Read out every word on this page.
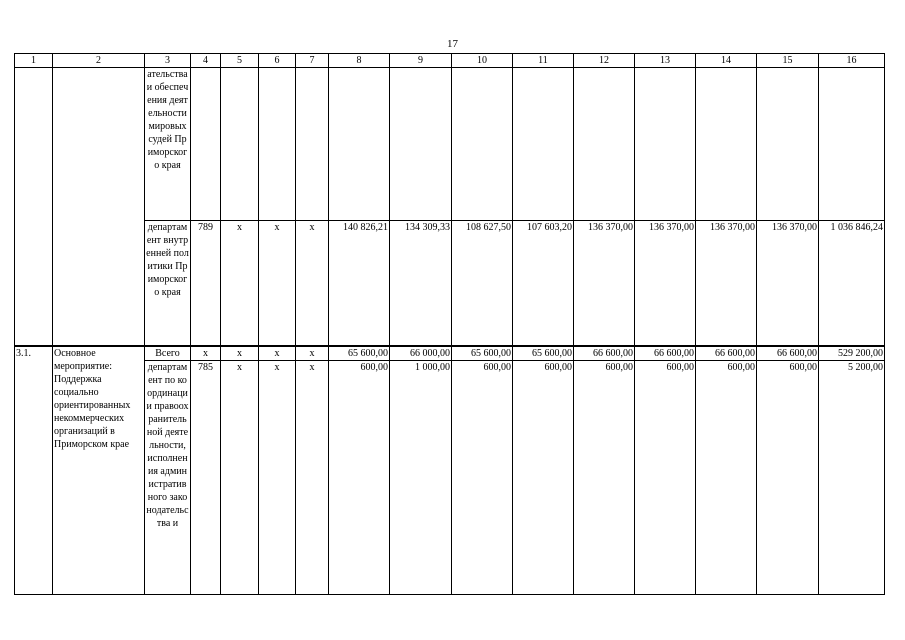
17
1	2	3	4	5	6	7	8	9	10	11	12	13	14	15	16

		ательства и обеспечения деятельности мировых судей Приморского края													

		департамент внутренней политики Приморского края	789	x	x	x	140 826,21	134 309,33	108 627,50	107 603,20	136 370,00	136 370,00	136 370,00	136 370,00	1 036 846,24
3.1.	Основное мероприятие: Поддержка социально ориентированных некоммерческих организаций в Приморском крае	Всего	x	x	x	x	65 600,00	66 000,00	65 600,00	65 600,00	66 600,00	66 600,00	66 600,00	66 600,00	529 200,00

		департамент по координации правоохранительной деятельности, исполнения административного законодательства и	785	x	x	x	600,00	1 000,00	600,00	600,00	600,00	600,00	600,00	600,00	5 200,00
